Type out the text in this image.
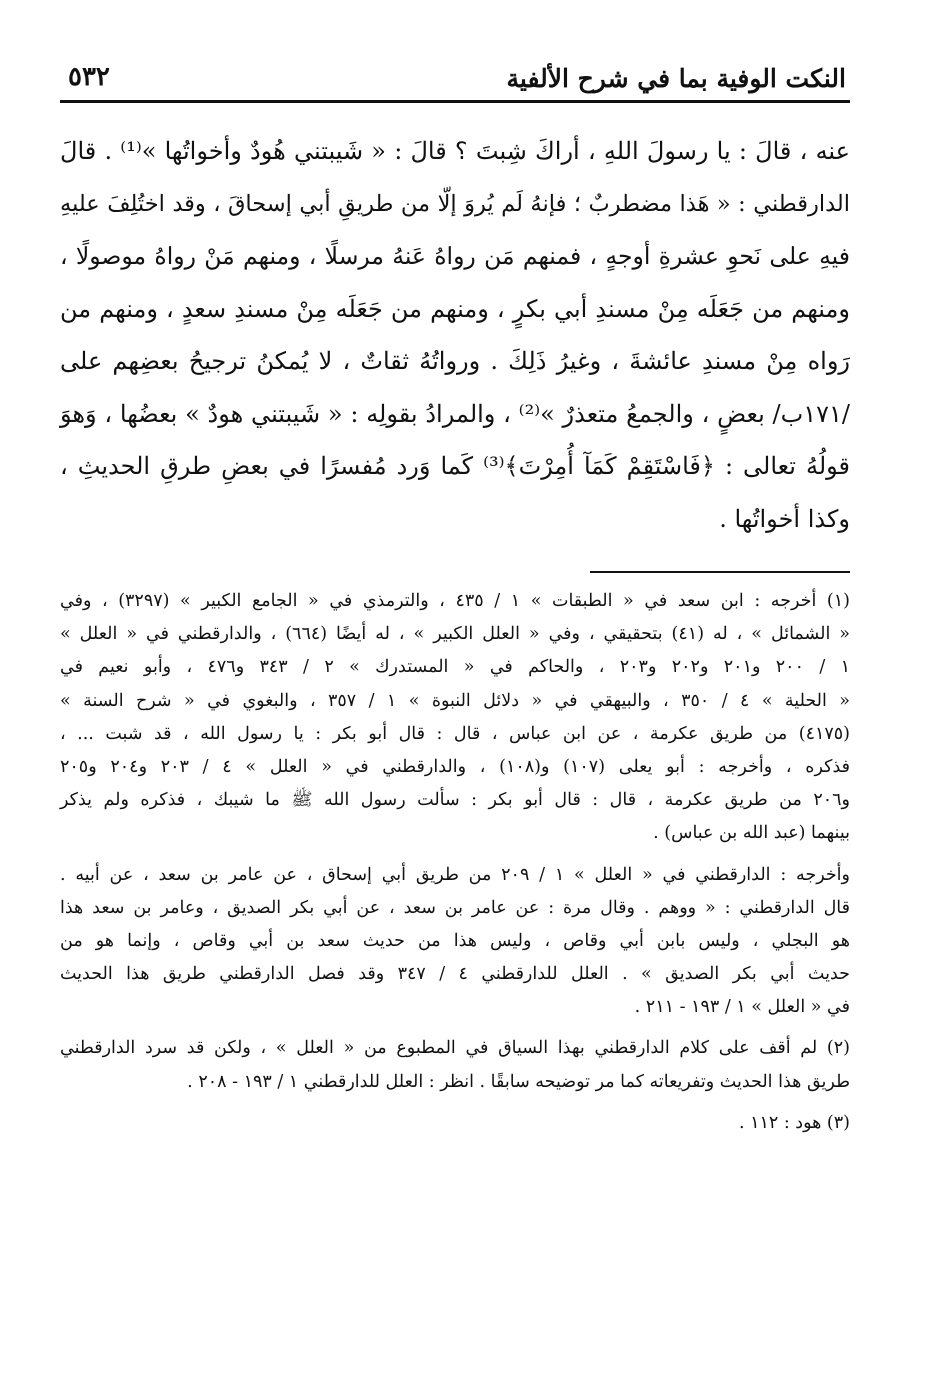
النكت الوفية بما في شرح الألفية
٥٣٢

عنه ، قالَ : يا رسولَ اللهِ ، أراكَ شِبتَ ؟ قالَ : « شَيبتني هُودٌ وأخواتُها »⁽¹⁾ . قالَ

الدارقطني : « هَذا مضطربٌ ؛ فإنهُ لَم يُروَ إلّا من طريقِ أبي إسحاقَ ، وقد اختُلِفَ عليهِ

فيهِ على نَحوِ عشرةِ أوجهٍ ، فمنهم مَن رواهُ عَنهُ مرسلًا ، ومنهم مَنْ رواهُ موصولًا ،

ومنهم من جَعَلَه مِنْ مسندِ أبي بكرٍ ، ومنهم من جَعَلَه مِنْ مسندِ سعدٍ ، ومنهم من

رَواه مِنْ مسندِ عائشةَ ، وغيرُ ذَلِكَ . ورواتُهُ ثقاتٌ ، لا يُمكنُ ترجيحُ بعضِهم على

/١٧١ب/ بعضٍ ، والجمعُ متعذرٌ »⁽²⁾ ، والمرادُ بقولِه : « شَيبتني هودٌ » بعضُها ، وَهوَ

قولُهُ تعالى : ﴿فَاسْتَقِمْ كَمَآ أُمِرْتَ﴾⁽³⁾ كَما وَرد مُفسرًا في بعضِ طرقِ الحديثِ ،

وكذا أخواتُها .

(١) أخرجه : ابن سعد في « الطبقات » ١ / ٤٣٥ ، والترمذي في « الجامع الكبير » (٣٢٩٧) ، وفي
« الشمائل » ، له (٤١) بتحقيقي ، وفي « العلل الكبير » ، له أيضًا (٦٦٤) ، والدارقطني في « العلل »
١ / ٢٠٠ و٢٠١ و٢٠٢ و٢٠٣ ، والحاكم في « المستدرك » ٢ / ٣٤٣ و٤٧٦ ، وأبو نعيم في
« الحلية » ٤ / ٣٥٠ ، والبيهقي في « دلائل النبوة » ١ / ٣٥٧ ، والبغوي في « شرح السنة »
(٤١٧٥) من طريق عكرمة ، عن ابن عباس ، قال : قال أبو بكر : يا رسول الله ، قد شبت ... ،
فذكره ، وأخرجه : أبو يعلى (١٠٧) و(١٠٨) ، والدارقطني في « العلل » ٤ / ٢٠٣ و٢٠٤ و٢٠٥
و٢٠٦ من طريق عكرمة ، قال : قال أبو بكر : سألت رسول الله ﷺ ما شيبك ، فذكره ولم يذكر
بينهما (عبد الله بن عباس) .
وأخرجه : الدارقطني في « العلل » ١ / ٢٠٩ من طريق أبي إسحاق ، عن عامر بن سعد ، عن أبيه .
قال الدارقطني : « ووهم . وقال مرة : عن عامر بن سعد ، عن أبي بكر الصديق ، وعامر بن سعد هذا
هو البجلي ، وليس بابن أبي وقاص ، وليس هذا من حديث سعد بن أبي وقاص ، وإنما هو من
حديث أبي بكر الصديق » . العلل للدارقطني ٤ / ٣٤٧ وقد فصل الدارقطني طريق هذا الحديث
في « العلل » ١ / ١٩٣ - ٢١١ .
(٢) لم أقف على كلام الدارقطني بهذا السياق في المطبوع من « العلل » ، ولكن قد سرد الدارقطني
طريق هذا الحديث وتفريعاته كما مر توضيحه سابقًا . انظر : العلل للدارقطني ١ / ١٩٣ - ٢٠٨ .
(٣) هود : ١١٢ .
